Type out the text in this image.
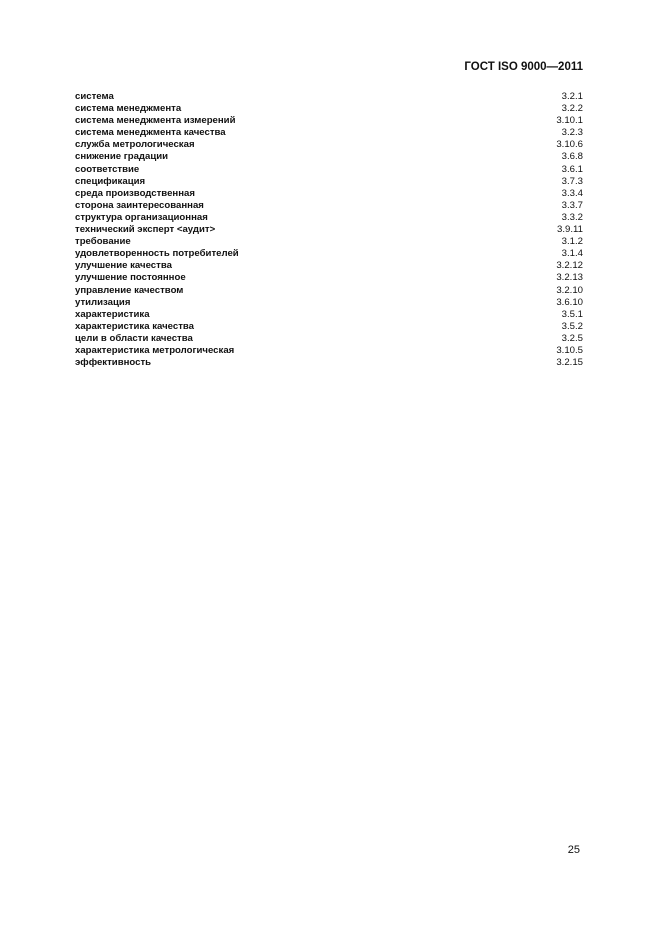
ГОСТ ISO 9000—2011
система	3.2.1
система менеджмента	3.2.2
система менеджмента измерений	3.10.1
система менеджмента качества	3.2.3
служба метрологическая	3.10.6
снижение градации	3.6.8
соответствие	3.6.1
спецификация	3.7.3
среда производственная	3.3.4
сторона заинтересованная	3.3.7
структура организационная	3.3.2
технический эксперт <аудит>	3.9.11
требование	3.1.2
удовлетворенность потребителей	3.1.4
улучшение качества	3.2.12
улучшение постоянное	3.2.13
управление качеством	3.2.10
утилизация	3.6.10
характеристика	3.5.1
характеристика качества	3.5.2
цели в области качества	3.2.5
характеристика метрологическая	3.10.5
эффективность	3.2.15
25
